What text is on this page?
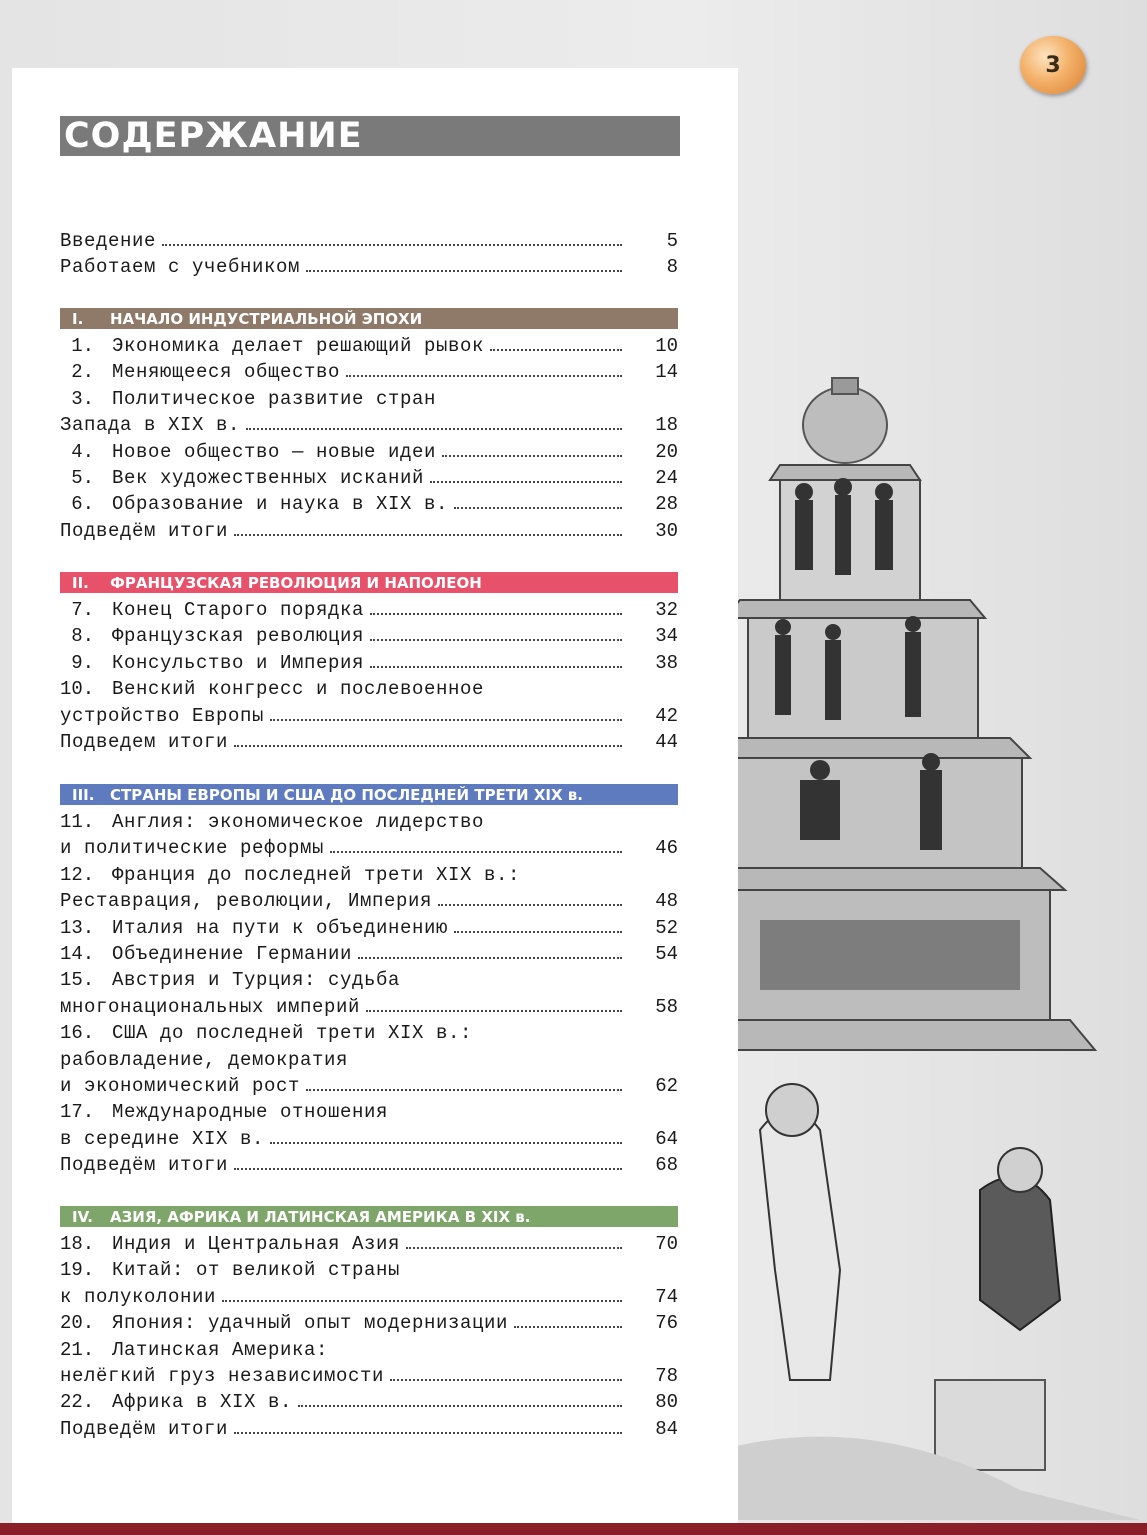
3
СОДЕРЖАНИЕ
Введение	5
Работаем с учебником	8
I.	НАЧАЛО ИНДУСТРИАЛЬНОЙ ЭПОХИ
1. Экономика делает решающий рывок	10
2. Меняющееся общество	14
3. Политическое развитие стран
Запада в XIX в.	18
4. Новое общество — новые идеи	20
5. Век художественных исканий	24
6. Образование и наука в XIX в.	28
Подведём итоги	30
II.	ФРАНЦУЗСКАЯ РЕВОЛЮЦИЯ И НАПОЛЕОН
7. Конец Старого порядка	32
8. Французская революция	34
9. Консульство и Империя	38
10. Венский конгресс и послевоенное
устройство Европы	42
Подведем итоги	44
III.	СТРАНЫ ЕВРОПЫ И США ДО ПОСЛЕДНЕЙ ТРЕТИ XIX в.
11. Англия: экономическое лидерство
и политические реформы	46
12. Франция до последней трети XIX в.:
Реставрация, революции, Империя	48
13. Италия на пути к объединению	52
14. Объединение Германии	54
15. Австрия и Турция: судьба
многонациональных империй	58
16. США до последней трети XIX в.:
рабовладение, демократия
и экономический рост	62
17. Международные отношения
в середине XIX в.	64
Подведём итоги	68
IV.	АЗИЯ, АФРИКА И ЛАТИНСКАЯ АМЕРИКА В XIX в.
18. Индия и Центральная Азия	70
19. Китай: от великой страны
к полуколонии	74
20. Япония: удачный опыт модернизации	76
21. Латинская Америка:
нелёгкий груз независимости	78
22. Африка в XIX в.	80
Подведём итоги	84
